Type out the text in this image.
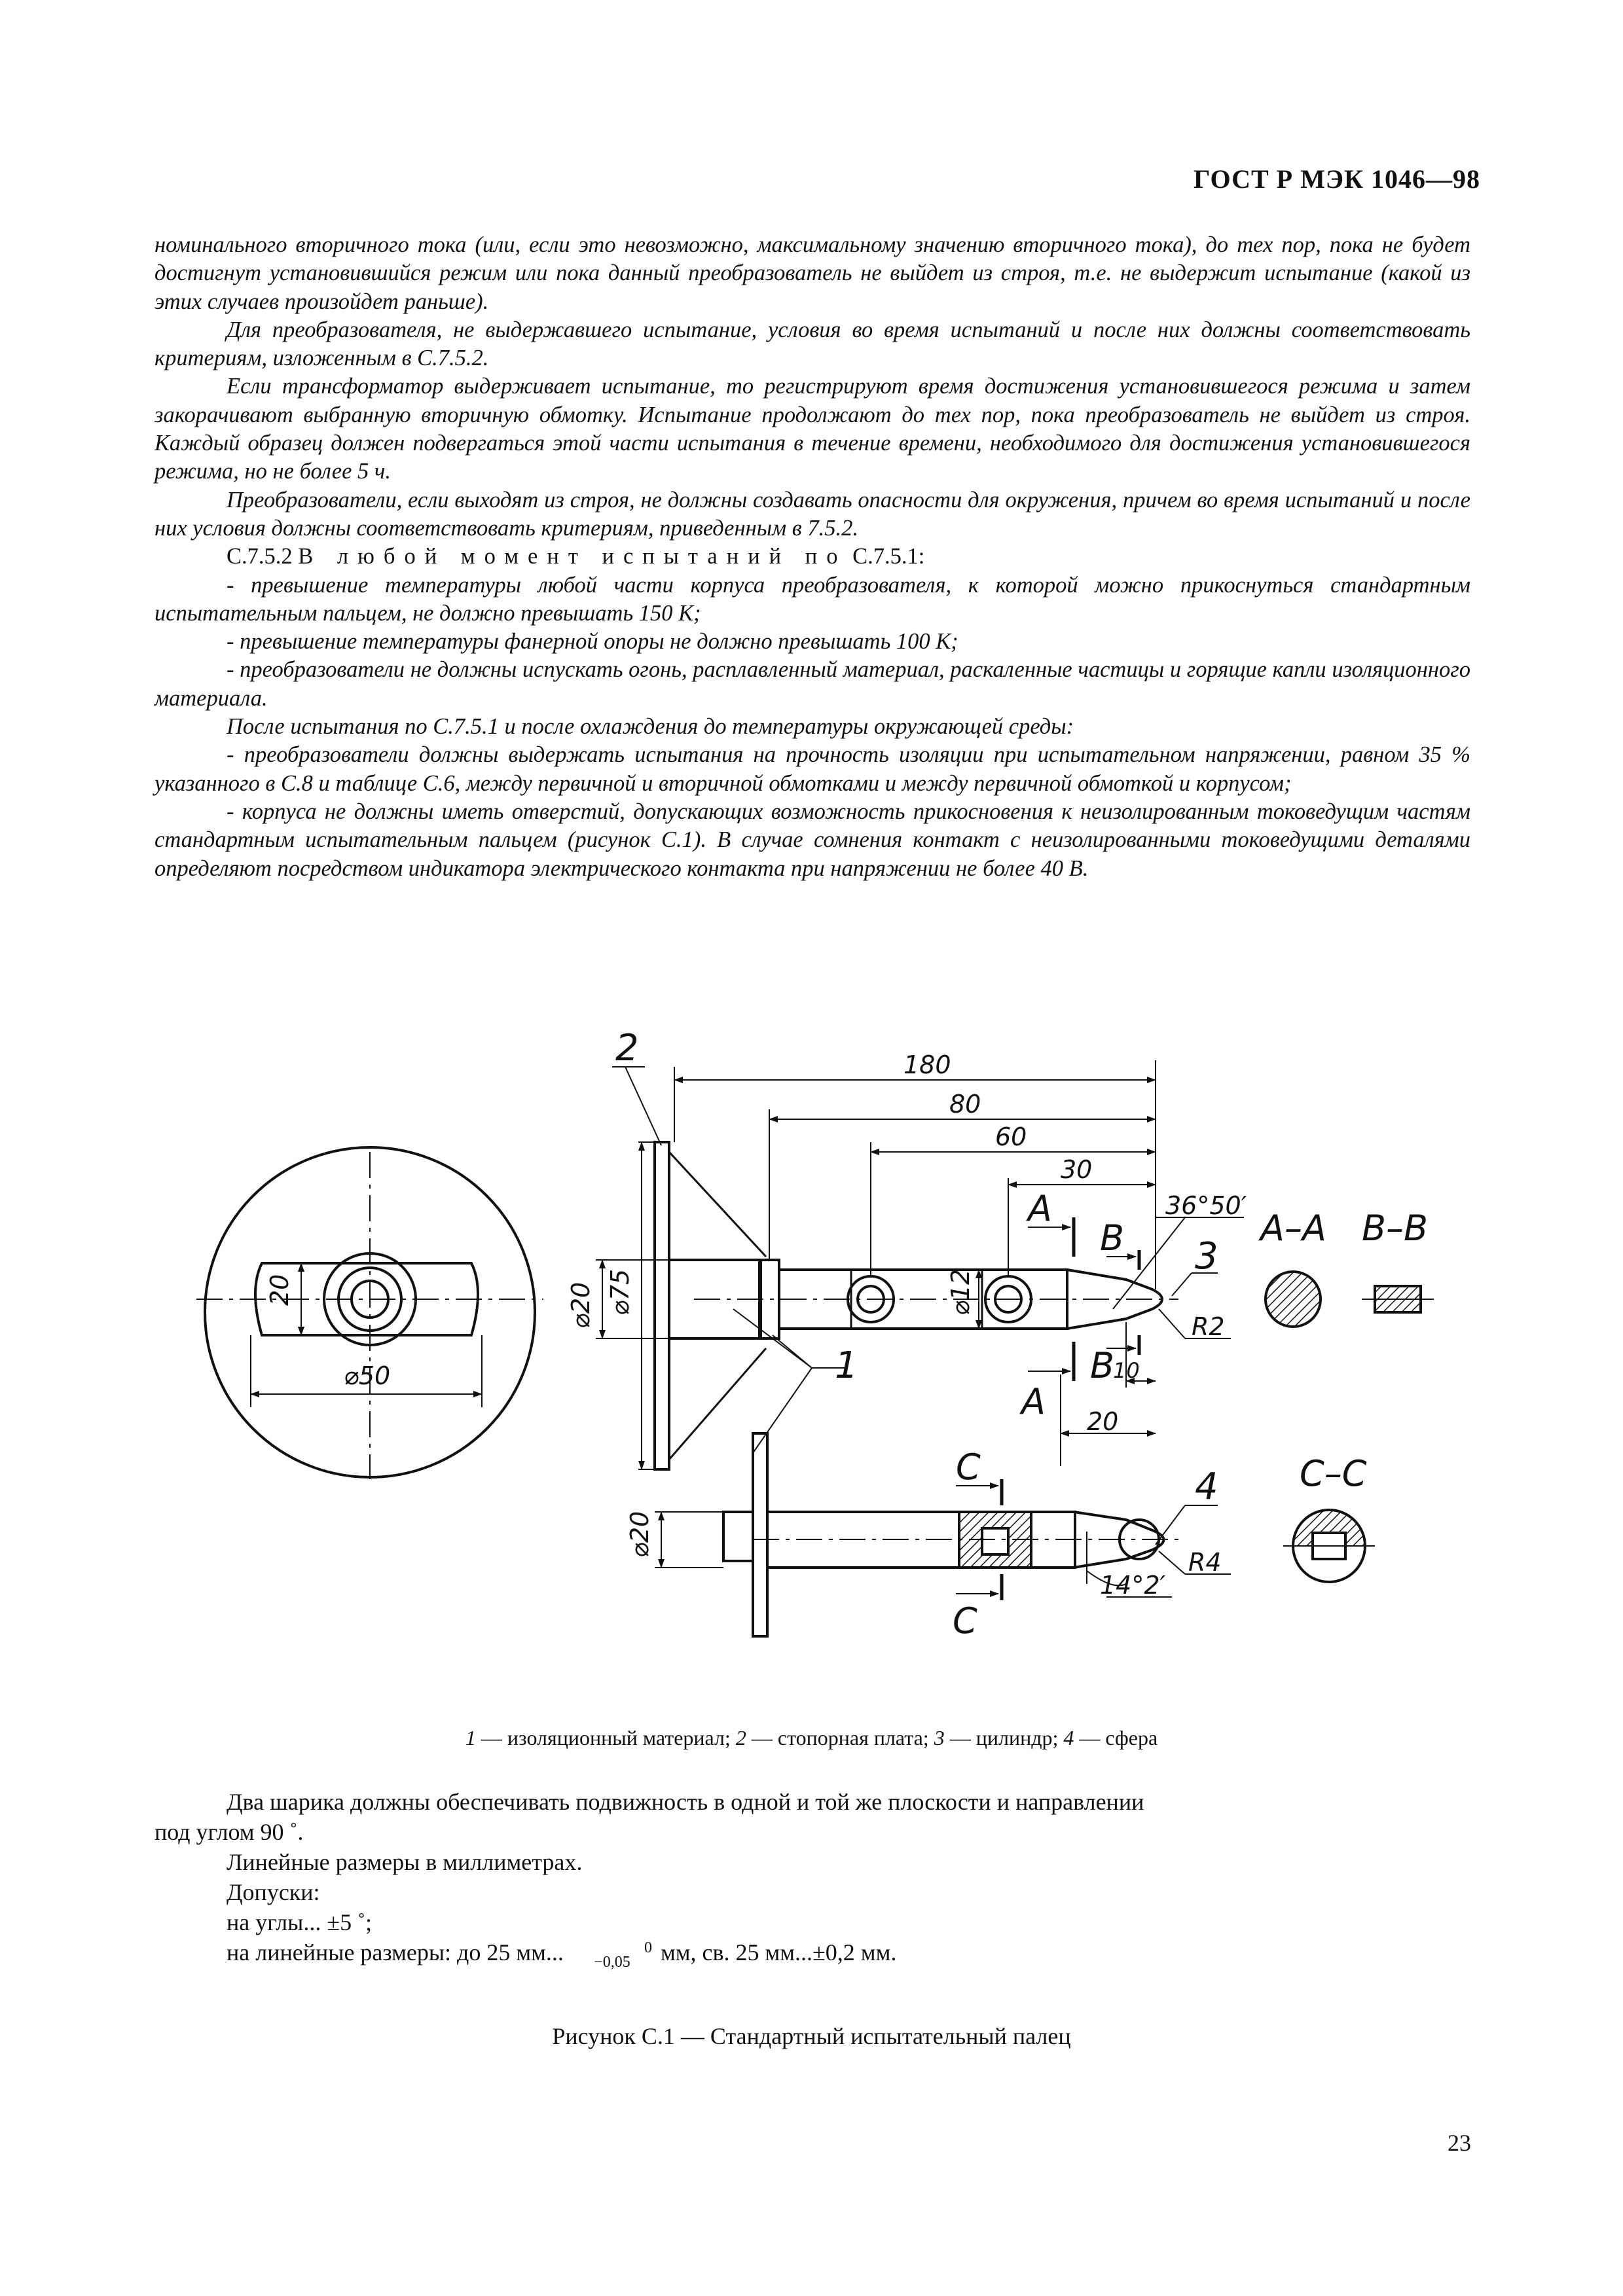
ГОСТ Р МЭК 1046—98

номинального вторичного тока (или, если это невозможно, максимальному значению вторичного тока), до тех пор, пока не будет достигнут установившийся режим или пока данный преобразователь не выйдет из строя, т.е. не выдержит испытание (какой из этих случаев произойдет раньше).

Для преобразователя, не выдержавшего испытание, условия во время испытаний и после них должны соответствовать критериям, изложенным в С.7.5.2.

Если трансформатор выдерживает испытание, то регистрируют время достижения установившегося режима и затем закорачивают выбранную вторичную обмотку. Испытание продолжают до тех пор, пока преобразователь не выйдет из строя. Каждый образец должен подвергаться этой части испытания в течение времени, необходимого для достижения установившегося режима, но не более 5 ч.

Преобразователи, если выходят из строя, не должны создавать опасности для окружения, причем во время испытаний и после них условия должны соответствовать критериям, приведенным в 7.5.2.

С.7.5.2 В любой момент испытаний по С.7.5.1:

- превышение температуры любой части корпуса преобразователя, к которой можно прикоснуться стандартным испытательным пальцем, не должно превышать 150 К;

- превышение температуры фанерной опоры не должно превышать 100 К;

- преобразователи не должны испускать огонь, расплавленный материал, раскаленные частицы и горящие капли изоляционного материала.

После испытания по С.7.5.1 и после охлаждения до температуры окружающей среды:

- преобразователи должны выдержать испытания на прочность изоляции при испытательном напряжении, равном 35 % указанного в С.8 и таблице С.6, между первичной и вторичной обмотками и между первичной обмоткой и корпусом;

- корпуса не должны иметь отверстий, допускающих возможность прикосновения к неизолированным токоведущим частям стандартным испытательным пальцем (рисунок С.1). В случае сомнения контакт с неизолированными токоведущими деталями определяют посредством индикатора электрического контакта при напряжении не более 40 В.

180
80
60
30
20
⌀50
⌀75
⌀20	⌀12
36°50′
R2
10
20
⌀20
R4
14°2′
2
1
3
4
А
А
В
В
С
С
А–А В–В
С–С
1 — изоляционный материал; 2 — стопорная плата; 3 — цилиндр; 4 — сфера

Два шарика должны обеспечивать подвижность в одной и той же плоскости и направлении

под углом 90 ˚.

Линейные размеры в миллиметрах.

Допуски:

на углы... ±5 ˚;

на линейные размеры: до 25 мм...	0
−0,05 мм, св. 25 мм...±0,2 мм.

Рисунок С.1 — Стандартный испытательный палец
23
